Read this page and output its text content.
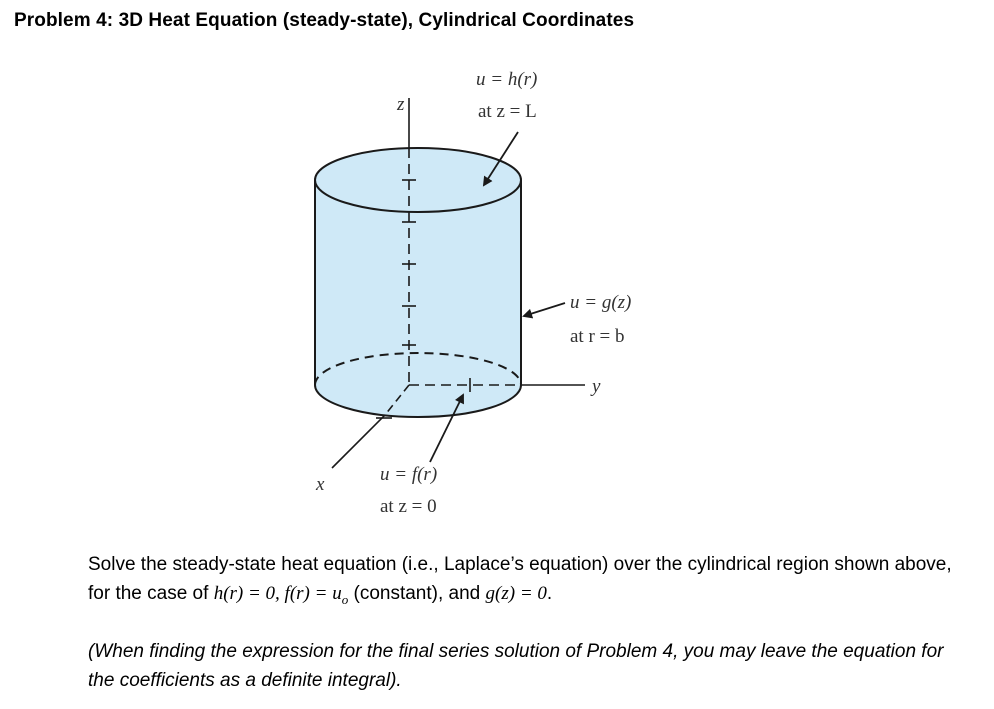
Problem 4: 3D Heat Equation (steady-state), Cylindrical Coordinates
u = h(r)
at z = L
u = g(z)
at r = b
u = f(r)
at z = 0
z
y
x
Solve the steady-state heat equation (i.e., Laplace’s equation) over the cylindrical region shown above, for the case of h(r) = 0, $f(r) = u_o$ (constant), and g(z) = 0.
(When finding the expression for the final series solution of Problem 4, you may leave the equation for the coefficients as a definite integral).
